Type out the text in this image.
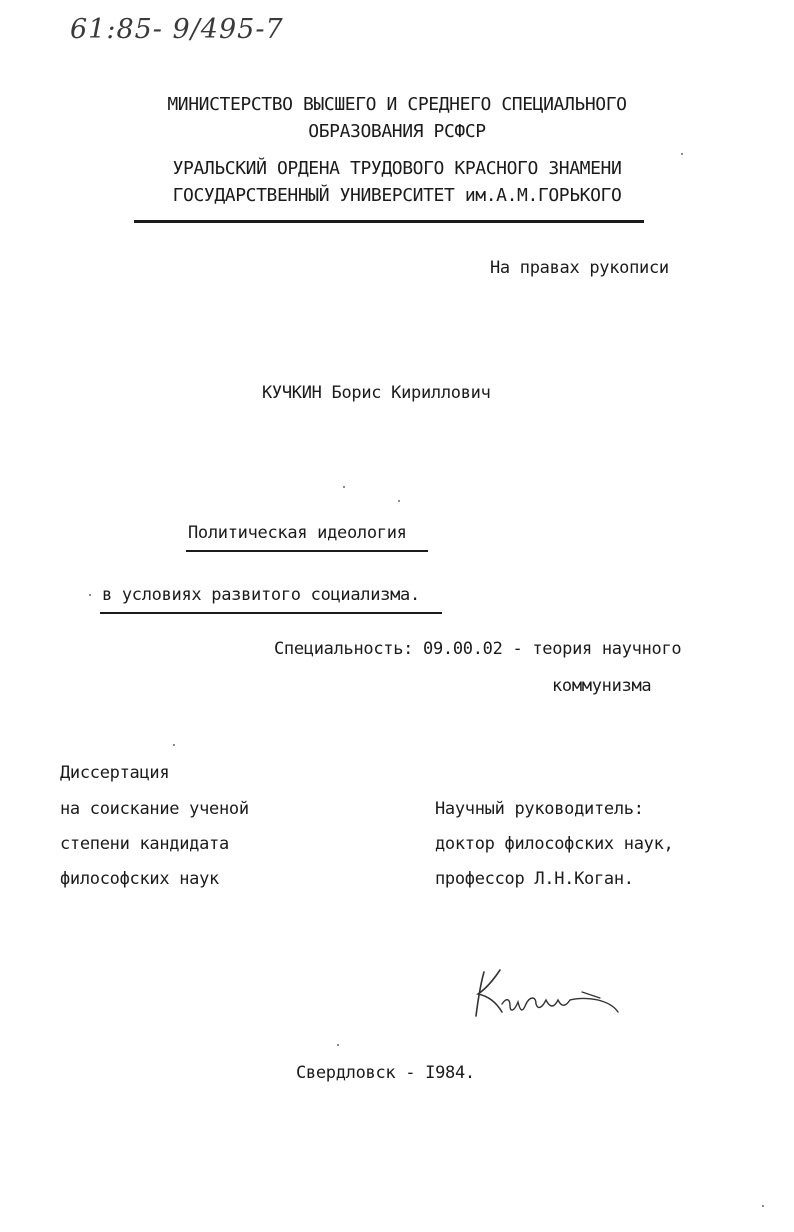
61:85- 9/495-7
МИНИСТЕРСТВО ВЫСШЕГО И СРЕДНЕГО СПЕЦИАЛЬНОГО
ОБРАЗОВАНИЯ РСФСР
УРАЛЬСКИЙ ОРДЕНА ТРУДОВОГО КРАСНОГО ЗНАМЕНИ
ГОСУДАРСТВЕННЫЙ УНИВЕРСИТЕТ им.А.М.ГОРЬКОГО
На правах рукописи
КУЧКИН Борис Кириллович
Политическая идеология
в условиях развитого социализма.
Специальность: 09.00.02 - теория научного
коммунизма
Диссертация
на соискание ученой
степени кандидата
философских наук
Научный руководитель:
доктор философских наук,
профессор Л.Н.Коган.
Свердловск - I984.
